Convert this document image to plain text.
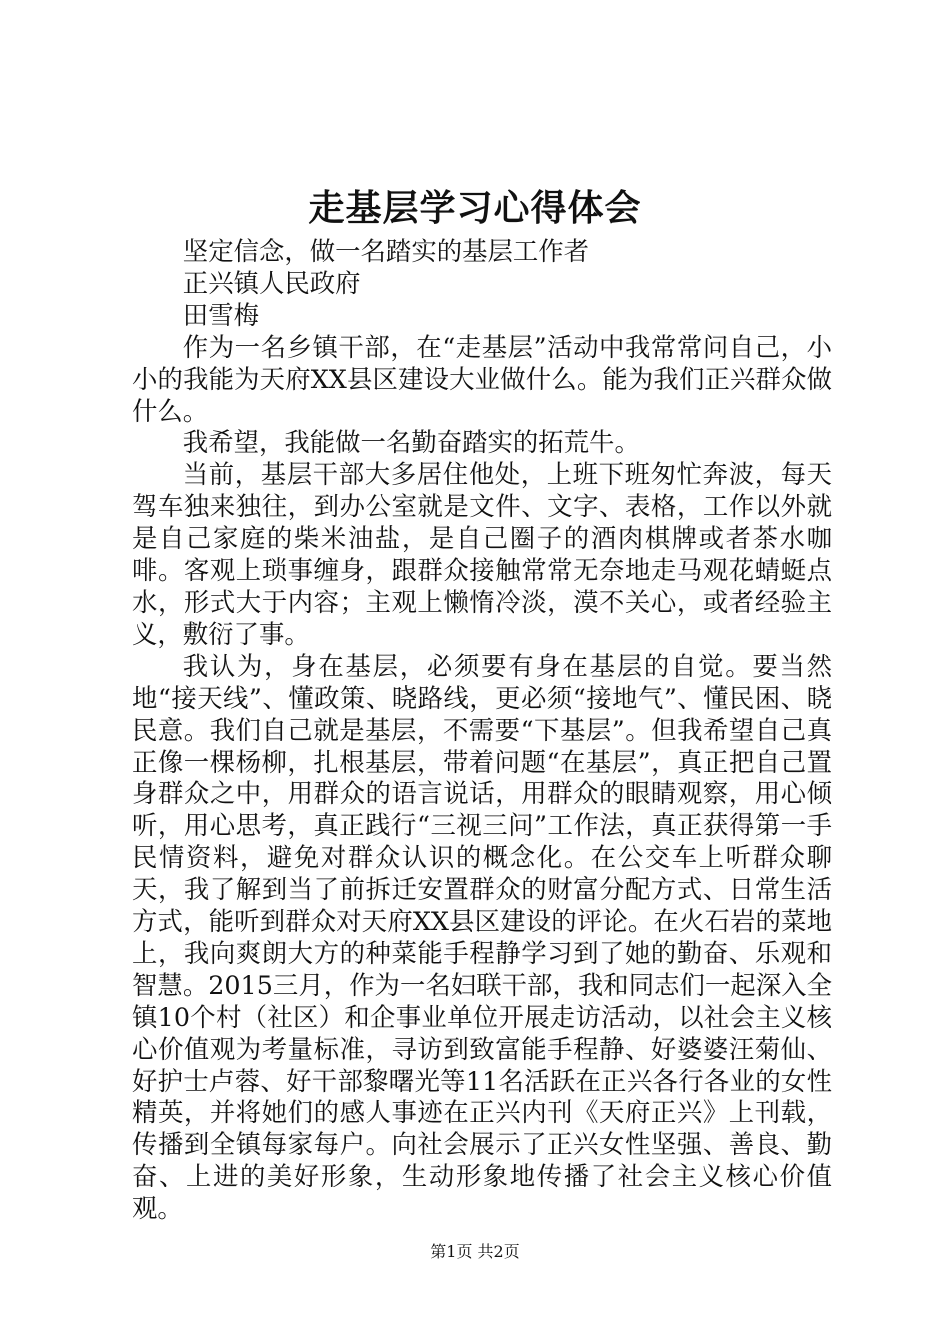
走基层学习心得体会

坚定信念，做一名踏实的基层工作者

正兴镇人民政府

田雪梅

作为一名乡镇干部，在“走基层”活动中我常常问自己，小小的我能为天府XX县区建设大业做什么。能为我们正兴群众做什么。

我希望，我能做一名勤奋踏实的拓荒牛。

当前，基层干部大多居住他处，上班下班匆忙奔波，每天驾车独来独往，到办公室就是文件、文字、表格，工作以外就是自己家庭的柴米油盐，是自己圈子的酒肉棋牌或者茶水咖啡。客观上琐事缠身，跟群众接触常常无奈地走马观花蜻蜓点水，形式大于内容；主观上懒惰冷淡，漠不关心，或者经验主义，敷衍了事。

我认为，身在基层，必须要有身在基层的自觉。要当然地“接天线”、懂政策、晓路线，更必须“接地气”、懂民困、晓民意。我们自己就是基层，不需要“下基层”。但我希望自己真正像一棵杨柳，扎根基层，带着问题“在基层”，真正把自己置身群众之中，用群众的语言说话，用群众的眼睛观察，用心倾听，用心思考，真正践行“三视三问”工作法，真正获得第一手民情资料，避免对群众认识的概念化。在公交车上听群众聊天，我了解到当了前拆迁安置群众的财富分配方式、日常生活方式，能听到群众对天府XX县区建设的评论。在火石岩的菜地上，我向爽朗大方的种菜能手程静学习到了她的勤奋、乐观和智慧。2015三月，作为一名妇联干部，我和同志们一起深入全镇10个村（社区）和企事业单位开展走访活动，以社会主义核心价值观为考量标准，寻访到致富能手程静、好婆婆汪菊仙、好护士卢蓉、好干部黎曙光等11名活跃在正兴各行各业的女性精英，并将她们的感人事迹在正兴内刊《天府正兴》上刊载，传播到全镇每家每户。向社会展示了正兴女性坚强、善良、勤奋、上进的美好形象，生动形象地传播了社会主义核心价值观。

第1页 共2页
